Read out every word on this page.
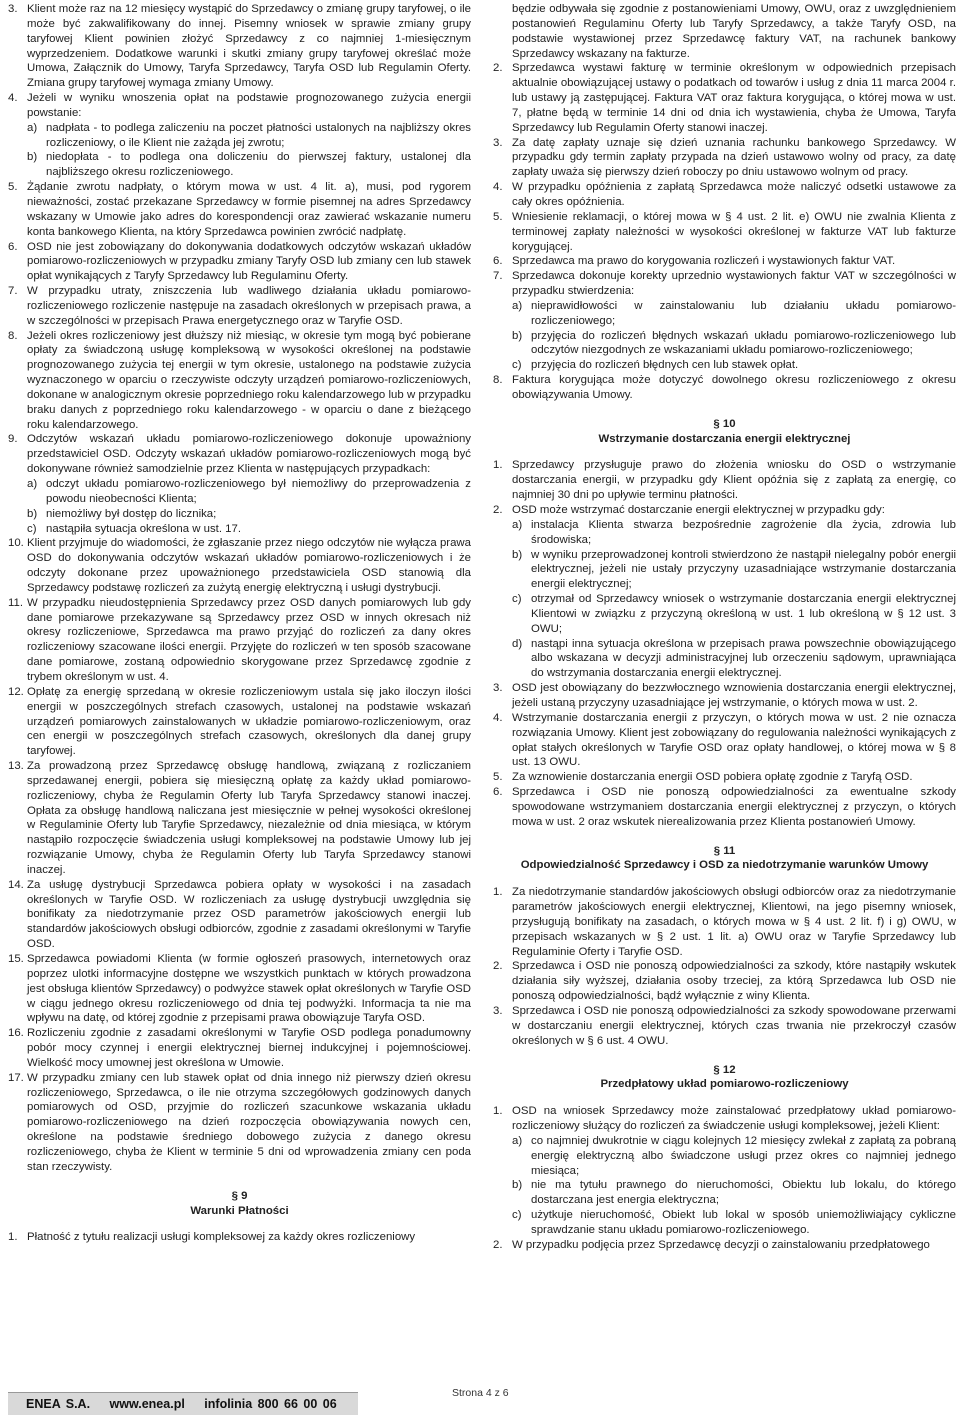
3. Klient może raz na 12 miesięcy wystąpić do Sprzedawcy o zmianę grupy taryfowej, o ile może być zakwalifikowany do innej. Pisemny wniosek w sprawie zmiany grupy taryfowej Klient powinien złożyć Sprzedawcy z co najmniej 1-miesięcznym wyprzedzeniem. Dodatkowe warunki i skutki zmiany grupy taryfowej określać może Umowa, Załącznik do Umowy, Taryfa Sprzedawcy, Taryfa OSD lub Regulamin Oferty. Zmiana grupy taryfowej wymaga zmiany Umowy.
4. Jeżeli w wyniku wnoszenia opłat na podstawie prognozowanego zużycia energii powstanie:
a) nadpłata - to podlega zaliczeniu na poczet płatności ustalonych na najbliższy okres rozliczeniowy, o ile Klient nie zażąda jej zwrotu;
b) niedopłata - to podlega ona doliczeniu do pierwszej faktury, ustalonej dla najbliższego okresu rozliczeniowego.
5. Żądanie zwrotu nadpłaty, o którym mowa w ust. 4 lit. a), musi, pod rygorem nieważności, zostać przekazane Sprzedawcy w formie pisemnej na adres Sprzedawcy wskazany w Umowie jako adres do korespondencji oraz zawierać wskazanie numeru konta bankowego Klienta, na który Sprzedawca powinien zwrócić nadpłatę.
6. OSD nie jest zobowiązany do dokonywania dodatkowych odczytów wskazań układów pomiarowo-rozliczeniowych w przypadku zmiany Taryfy OSD lub zmiany cen lub stawek opłat wynikających z Taryfy Sprzedawcy lub Regulaminu Oferty.
7. W przypadku utraty, zniszczenia lub wadliwego działania układu pomiarowo-rozliczeniowego rozliczenie następuje na zasadach określonych w przepisach prawa, a w szczególności w przepisach Prawa energetycznego oraz w Taryfie OSD.
8. Jeżeli okres rozliczeniowy jest dłuższy niż miesiąc, w okresie tym mogą być pobierane opłaty za świadczoną usługę kompleksową w wysokości określonej na podstawie prognozowanego zużycia tej energii w tym okresie, ustalonego na podstawie zużycia wyznaczonego w oparciu o rzeczywiste odczyty urządzeń pomiarowo-rozliczeniowych, dokonane w analogicznym okresie poprzedniego roku kalendarzowego lub w przypadku braku danych z poprzedniego roku kalendarzowego - w oparciu o dane z bieżącego roku kalendarzowego.
9. Odczytów wskazań układu pomiarowo-rozliczeniowego dokonuje upoważniony przedstawiciel OSD. Odczyty wskazań układów pomiarowo-rozliczeniowych mogą być dokonywane również samodzielnie przez Klienta w następujących przypadkach:
a) odczyt układu pomiarowo-rozliczeniowego był niemożliwy do przeprowadzenia z powodu nieobecności Klienta;
b) niemożliwy był dostęp do licznika;
c) nastąpiła sytuacja określona w ust. 17.
10. Klient przyjmuje do wiadomości, że zgłaszanie przez niego odczytów nie wyłącza prawa OSD do dokonywania odczytów wskazań układów pomiarowo-rozliczeniowych i że odczyty dokonane przez upoważnionego przedstawiciela OSD stanowią dla Sprzedawcy podstawę rozliczeń za zużytą energię elektryczną i usługi dystrybucji.
11. W przypadku nieudostępnienia Sprzedawcy przez OSD danych pomiarowych lub gdy dane pomiarowe przekazywane są Sprzedawcy przez OSD w innych okresach niż okresy rozliczeniowe, Sprzedawca ma prawo przyjąć do rozliczeń za dany okres rozliczeniowy szacowane ilości energii. Przyjęte do rozliczeń w ten sposób szacowane dane pomiarowe, zostaną odpowiednio skorygowane przez Sprzedawcę zgodnie z trybem określonym w ust. 4.
12. Opłatę za energię sprzedaną w okresie rozliczeniowym ustala się jako iloczyn ilości energii w poszczególnych strefach czasowych, ustalonej na podstawie wskazań urządzeń pomiarowych zainstalowanych w układzie pomiarowo-rozliczeniowym, oraz cen energii w poszczególnych strefach czasowych, określonych dla danej grupy taryfowej.
13. Za prowadzoną przez Sprzedawcę obsługę handlową, związaną z rozliczaniem sprzedawanej energii, pobiera się miesięczną opłatę za każdy układ pomiarowo-rozliczeniowy, chyba że Regulamin Oferty lub Taryfa Sprzedawcy stanowi inaczej. Opłata za obsługę handlową naliczana jest miesięcznie w pełnej wysokości określonej w Regulaminie Oferty lub Taryfie Sprzedawcy, niezależnie od dnia miesiąca, w którym nastąpiło rozpoczęcie świadczenia usługi kompleksowej na podstawie Umowy lub jej rozwiązanie Umowy, chyba że Regulamin Oferty lub Taryfa Sprzedawcy stanowi inaczej.
14. Za usługę dystrybucji Sprzedawca pobiera opłaty w wysokości i na zasadach określonych w Taryfie OSD. W rozliczeniach za usługę dystrybucji uwzględnia się bonifikaty za niedotrzymanie przez OSD parametrów jakościowych energii lub standardów jakościowych obsługi odbiorców, zgodnie z zasadami określonymi w Taryfie OSD.
15. Sprzedawca powiadomi Klienta (w formie ogłoszeń prasowych, internetowych oraz poprzez ulotki informacyjne dostępne we wszystkich punktach w których prowadzona jest obsługa klientów Sprzedawcy) o podwyżce stawek opłat określonych w Taryfie OSD w ciągu jednego okresu rozliczeniowego od dnia tej podwyżki. Informacja ta nie ma wpływu na datę, od której zgodnie z przepisami prawa obowiązuje Taryfa OSD.
16. Rozliczeniu zgodnie z zasadami określonymi w Taryfie OSD podlega ponadumowny pobór mocy czynnej i energii elektrycznej biernej indukcyjnej i pojemnościowej. Wielkość mocy umownej jest określona w Umowie.
17. W przypadku zmiany cen lub stawek opłat od dnia innego niż pierwszy dzień okresu rozliczeniowego, Sprzedawca, o ile nie otrzyma szczegółowych godzinowych danych pomiarowych od OSD, przyjmie do rozliczeń szacunkowe wskazania układu pomiarowo-rozliczeniowego na dzień rozpoczęcia obowiązywania nowych cen, określone na podstawie średniego dobowego zużycia z danego okresu rozliczeniowego, chyba że Klient w terminie 5 dni od wprowadzenia zmiany cen poda stan rzeczywisty.
§ 9
Warunki Płatności
1. Płatność z tytułu realizacji usługi kompleksowej za każdy okres rozliczeniowy
będzie odbywała się zgodnie z postanowieniami Umowy, OWU, oraz z uwzględnieniem postanowień Regulaminu Oferty lub Taryfy Sprzedawcy, a także Taryfy OSD, na podstawie wystawionej przez Sprzedawcę faktury VAT, na rachunek bankowy Sprzedawcy wskazany na fakturze.
2. Sprzedawca wystawi fakturę w terminie określonym w odpowiednich przepisach aktualnie obowiązującej ustawy o podatkach od towarów i usług z dnia 11 marca 2004 r. lub ustawy ją zastępującej. Faktura VAT oraz faktura korygująca, o której mowa w ust. 7, płatne będą w terminie 14 dni od dnia ich wystawienia, chyba że Umowa, Taryfa Sprzedawcy lub Regulamin Oferty stanowi inaczej.
3. Za datę zapłaty uznaje się dzień uznania rachunku bankowego Sprzedawcy. W przypadku gdy termin zapłaty przypada na dzień ustawowo wolny od pracy, za datę zapłaty uważa się pierwszy dzień roboczy po dniu ustawowo wolnym od pracy.
4. W przypadku opóźnienia z zapłatą Sprzedawca może naliczyć odsetki ustawowe za cały okres opóźnienia.
5. Wniesienie reklamacji, o której mowa w § 4 ust. 2 lit. e) OWU nie zwalnia Klienta z terminowej zapłaty należności w wysokości określonej w fakturze VAT lub fakturze korygującej.
6. Sprzedawca ma prawo do korygowania rozliczeń i wystawionych faktur VAT.
7. Sprzedawca dokonuje korekty uprzednio wystawionych faktur VAT w szczególności w przypadku stwierdzenia:
a) nieprawidłowości w zainstalowaniu lub działaniu układu pomiarowo-rozliczeniowego;
b) przyjęcia do rozliczeń błędnych wskazań układu pomiarowo-rozliczeniowego lub odczytów niezgodnych ze wskazaniami układu pomiarowo-rozliczeniowego;
c) przyjęcia do rozliczeń błędnych cen lub stawek opłat.
8. Faktura korygująca może dotyczyć dowolnego okresu rozliczeniowego z okresu obowiązywania Umowy.
§ 10
Wstrzymanie dostarczania energii elektrycznej
1. Sprzedawcy przysługuje prawo do złożenia wniosku do OSD o wstrzymanie dostarczania energii, w przypadku gdy Klient opóźnia się z zapłatą za energię, co najmniej 30 dni po upływie terminu płatności.
2. OSD może wstrzymać dostarczanie energii elektrycznej w przypadku gdy:
a) instalacja Klienta stwarza bezpośrednie zagrożenie dla życia, zdrowia lub środowiska;
b) w wyniku przeprowadzonej kontroli stwierdzono że nastąpił nielegalny pobór energii elektrycznej, jeżeli nie ustały przyczyny uzasadniające wstrzymanie dostarczania energii elektrycznej;
c) otrzymał od Sprzedawcy wniosek o wstrzymanie dostarczania energii elektrycznej Klientowi w związku z przyczyną określoną w ust. 1 lub określoną w § 12 ust. 3 OWU;
d) nastąpi inna sytuacja określona w przepisach prawa powszechnie obowiązującego albo wskazana w decyzji administracyjnej lub orzeczeniu sądowym, uprawniająca do wstrzymania dostarczania energii elektrycznej.
3. OSD jest obowiązany do bezzwłocznego wznowienia dostarczania energii elektrycznej, jeżeli ustaną przyczyny uzasadniające jej wstrzymanie, o których mowa w ust. 2.
4. Wstrzymanie dostarczania energii z przyczyn, o których mowa w ust. 2 nie oznacza rozwiązania Umowy. Klient jest zobowiązany do regulowania należności wynikających z opłat stałych określonych w Taryfie OSD oraz opłaty handlowej, o której mowa w § 8 ust. 13 OWU.
5. Za wznowienie dostarczania energii OSD pobiera opłatę zgodnie z Taryfą OSD.
6. Sprzedawca i OSD nie ponoszą odpowiedzialności za ewentualne szkody spowodowane wstrzymaniem dostarczania energii elektrycznej z przyczyn, o których mowa w ust. 2 oraz wskutek nierealizowania przez Klienta postanowień Umowy.
§ 11
Odpowiedzialność Sprzedawcy i OSD za niedotrzymanie warunków Umowy
1. Za niedotrzymanie standardów jakościowych obsługi odbiorców oraz za niedotrzymanie parametrów jakościowych energii elektrycznej, Klientowi, na jego pisemny wniosek, przysługują bonifikaty na zasadach, o których mowa w § 4 ust. 2 lit. f) i g) OWU, w przepisach wskazanych w § 2 ust. 1 lit. a) OWU oraz w Taryfie Sprzedawcy lub Regulaminie Oferty i Taryfie OSD.
2. Sprzedawca i OSD nie ponoszą odpowiedzialności za szkody, które nastąpiły wskutek działania siły wyższej, działania osoby trzeciej, za którą Sprzedawca lub OSD nie ponoszą odpowiedzialności, bądź wyłącznie z winy Klienta.
3. Sprzedawca i OSD nie ponoszą odpowiedzialności za szkody spowodowane przerwami w dostarczaniu energii elektrycznej, których czas trwania nie przekroczył czasów określonych w § 6 ust. 4 OWU.
§ 12
Przedpłatowy układ pomiarowo-rozliczeniowy
1. OSD na wniosek Sprzedawcy może zainstalować przedpłatowy układ pomiarowo-rozliczeniowy służący do rozliczeń za świadczenie usługi kompleksowej, jeżeli Klient:
a) co najmniej dwukrotnie w ciągu kolejnych 12 miesięcy zwlekał z zapłatą za pobraną energię elektryczną albo świadczone usługi przez okres co najmniej jednego miesiąca;
b) nie ma tytułu prawnego do nieruchomości, Obiektu lub lokalu, do którego dostarczana jest energia elektryczna;
c) użytkuje nieruchomość, Obiekt lub lokal w sposób uniemożliwiający cykliczne sprawdzanie stanu układu pomiarowo-rozliczeniowego.
2. W przypadku podjęcia przez Sprzedawcę decyzji o zainstalowaniu przedpłatowego
ENEA S.A. www.enea.pl infolinia 800 66 00 06
Strona 4 z 6
